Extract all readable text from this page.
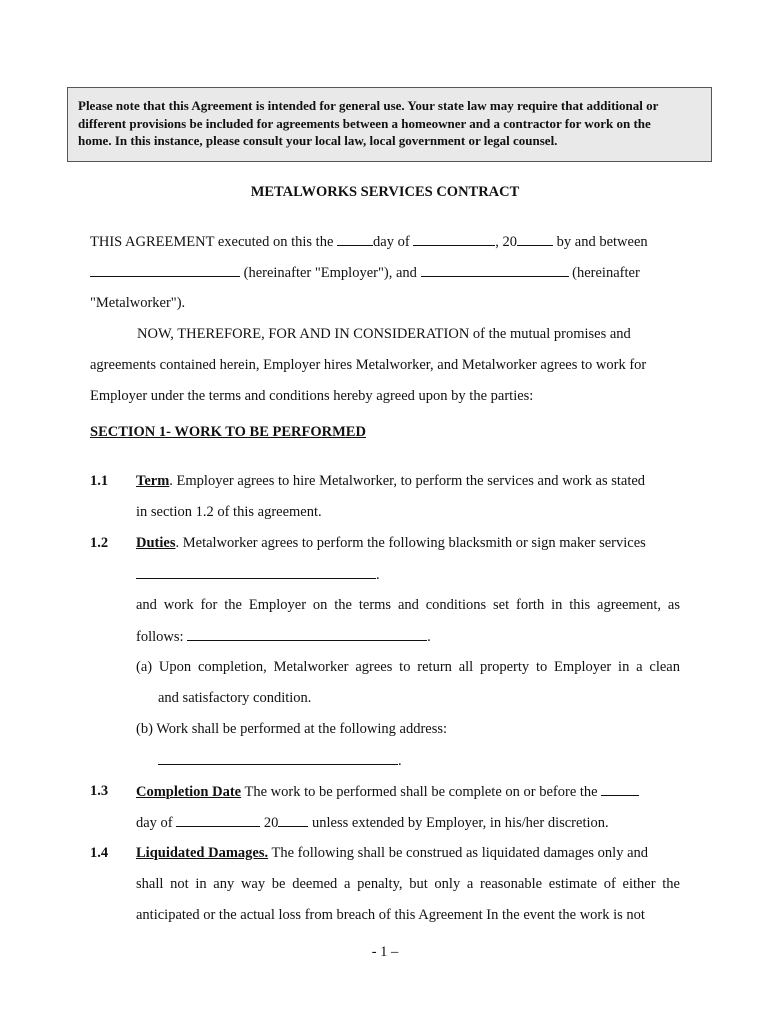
Please note that this Agreement is intended for general use. Your state law may require that additional or
different provisions be included for agreements between a homeowner and a contractor for work on the
home. In this instance, please consult your local law, local government or legal counsel.
METALWORKS SERVICES CONTRACT
THIS AGREEMENT executed on this the day of	, 20 by and between
(hereinafter "Employer"), and	(hereinafter
"Metalworker").
NOW, THEREFORE, FOR AND IN CONSIDERATION of the mutual promises and
agreements contained herein, Employer hires Metalworker, and Metalworker agrees to work for
Employer under the terms and conditions hereby agreed upon by the parties:
SECTION 1- WORK TO BE PERFORMED
1.1 Term. Employer agrees to hire Metalworker, to perform the services and work as stated
in section 1.2 of this agreement.
1.2 Duties. Metalworker agrees to perform the following blacksmith or sign maker services
.
and work for the Employer on the terms and conditions set forth in this agreement, as
follows:	.
(a) Upon completion, Metalworker agrees to return all property to Employer in a clean
and satisfactory condition.
(b) Work shall be performed at the following address:
.
1.3 Completion Date The work to be performed shall be complete on or before the
day of	20 unless extended by Employer, in his/her discretion.
1.4 Liquidated Damages. The following shall be construed as liquidated damages only and
shall not in any way be deemed a penalty, but only a reasonable estimate of either the
anticipated or the actual loss from breach of this Agreement In the event the work is not
- 1 –
